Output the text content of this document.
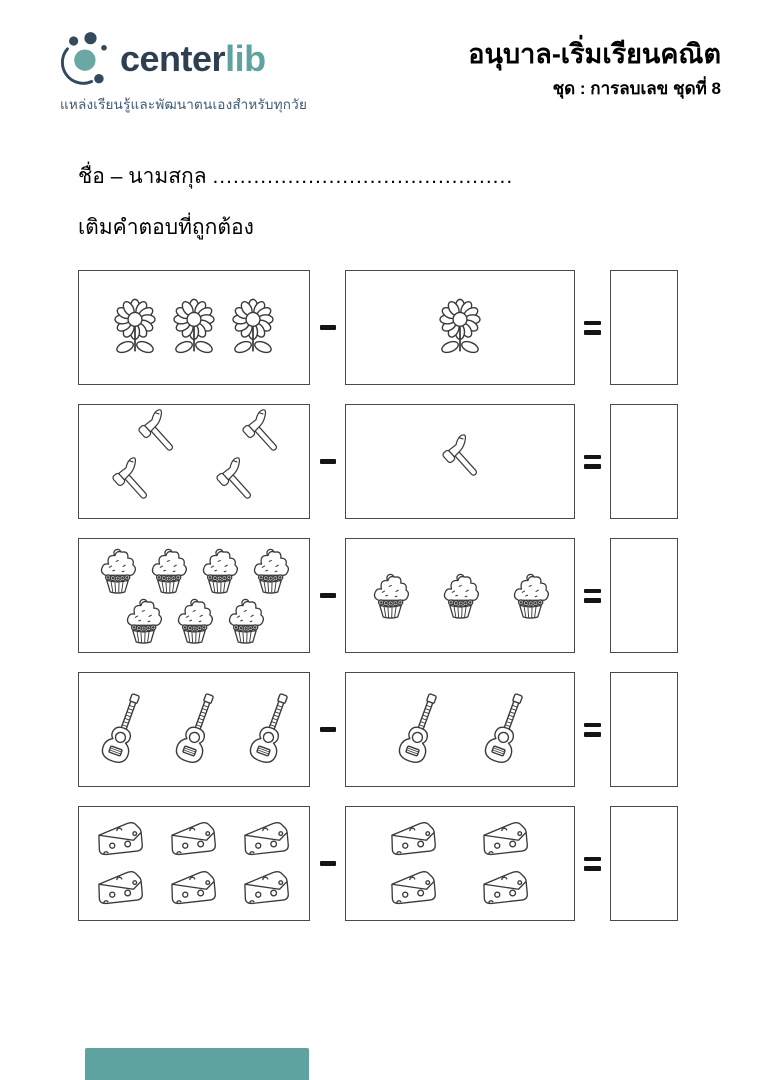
centerlib
แหล่งเรียนรู้และพัฒนาตนเองสำหรับทุกวัย
อนุบาล-เริ่มเรียนคณิต
ชุด : การลบเลข ชุดที่ 8
ชื่อ – นามสกุล ............................................
เติมคำตอบที่ถูกต้อง
